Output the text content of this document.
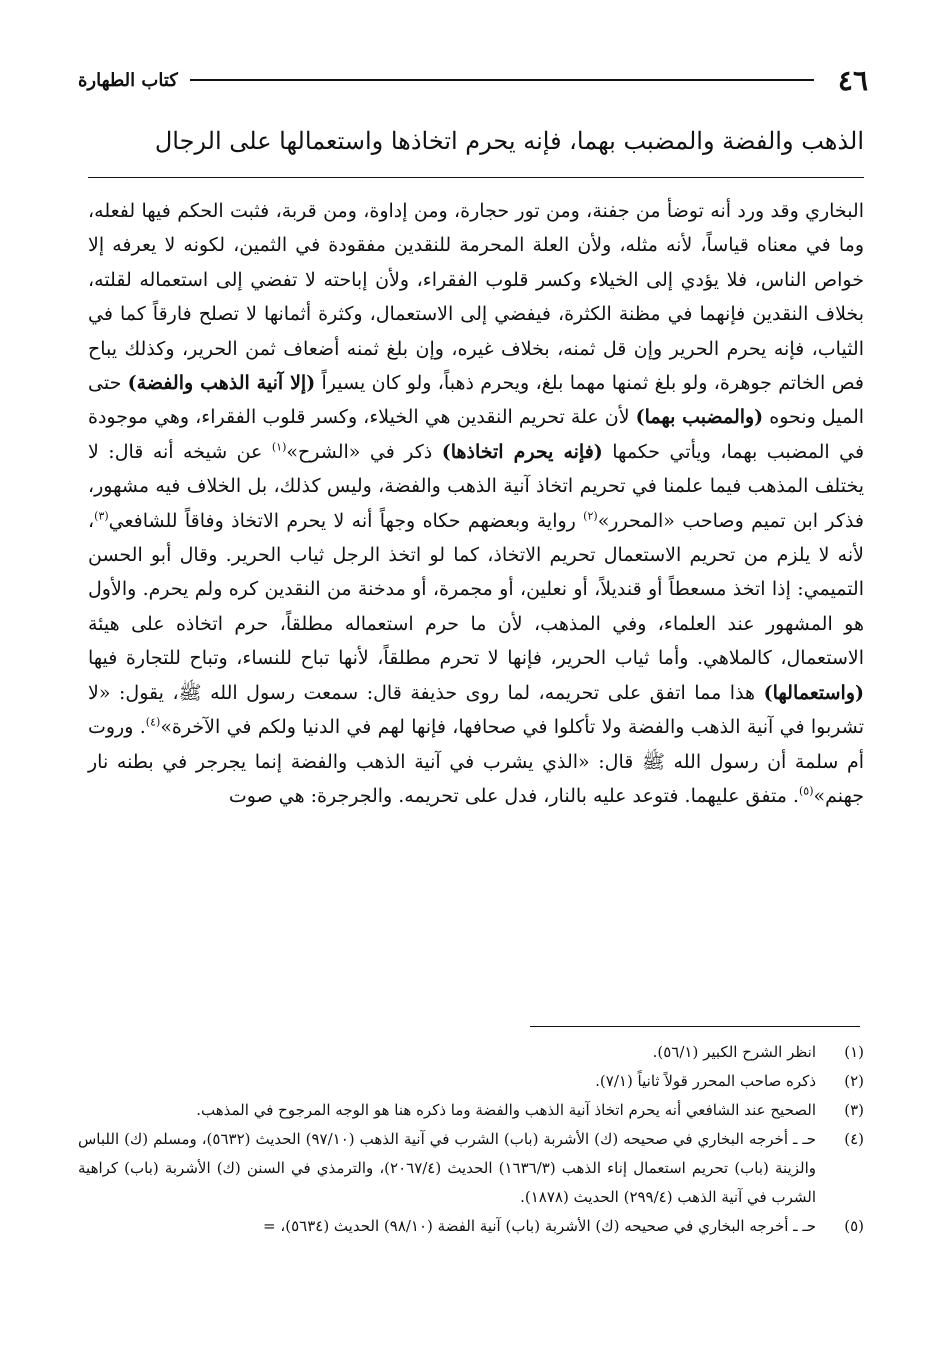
٤٦
كتاب الطهارة
الذهب والفضة والمضبب بهما، فإنه يحرم اتخاذها واستعمالها على الرجال
البخاري وقد ورد أنه توضأ من جفنة، ومن تور حجارة، ومن إداوة، ومن قربة، فثبت الحكم فيها لفعله، وما في معناه قياساً، لأنه مثله، ولأن العلة المحرمة للنقدين مفقودة في الثمين، لكونه لا يعرفه إلا خواص الناس، فلا يؤدي إلى الخيلاء وكسر قلوب الفقراء، ولأن إباحته لا تفضي إلى استعماله لقلته، بخلاف النقدين فإنهما في مظنة الكثرة، فيفضي إلى الاستعمال، وكثرة أثمانها لا تصلح فارقاً كما في الثياب، فإنه يحرم الحرير وإن قل ثمنه، بخلاف غيره، وإن بلغ ثمنه أضعاف ثمن الحرير، وكذلك يباح فص الخاتم جوهرة، ولو بلغ ثمنها مهما بلغ، ويحرم ذهباً، ولو كان يسيراً (إلا آنية الذهب والفضة) حتى الميل ونحوه (والمضبب بهما) لأن علة تحريم النقدين هي الخيلاء، وكسر قلوب الفقراء، وهي موجودة في المضبب بهما، ويأتي حكمها (فإنه يحرم اتخاذها) ذكر في «الشرح»$^{(١)}$ عن شيخه أنه قال: لا يختلف المذهب فيما علمنا في تحريم اتخاذ آنية الذهب والفضة، وليس كذلك، بل الخلاف فيه مشهور، فذكر ابن تميم وصاحب «المحرر»$^{(٢)}$ رواية وبعضهم حكاه وجهاً أنه لا يحرم الاتخاذ وفاقاً للشافعي$^{(٣)}$، لأنه لا يلزم من تحريم الاستعمال تحريم الاتخاذ، كما لو اتخذ الرجل ثياب الحرير. وقال أبو الحسن التميمي: إذا اتخذ مسعطاً أو قنديلاً، أو نعلين، أو مجمرة، أو مدخنة من النقدين كره ولم يحرم. والأول هو المشهور عند العلماء، وفي المذهب، لأن ما حرم استعماله مطلقاً، حرم اتخاذه على هيئة الاستعمال، كالملاهي. وأما ثياب الحرير، فإنها لا تحرم مطلقاً، لأنها تباح للنساء، وتباح للتجارة فيها (واستعمالها) هذا مما اتفق على تحريمه، لما روى حذيفة قال: سمعت رسول الله ﷺ، يقول: «لا تشربوا في آنية الذهب والفضة ولا تأكلوا في صحافها، فإنها لهم في الدنيا ولكم في الآخرة»$^{(٤)}$. وروت أم سلمة أن رسول الله ﷺ قال: «الذي يشرب في آنية الذهب والفضة إنما يجرجر في بطنه نار جهنم»$^{(٥)}$. متفق عليهما. فتوعد عليه بالنار، فدل على تحريمه. والجرجرة: هي صوت
(١)
انظر الشرح الكبير (٥٦/١).
(٢)
ذكره صاحب المحرر قولاً ثانياً (٧/١).
(٣)
الصحيح عند الشافعي أنه يحرم اتخاذ آنية الذهب والفضة وما ذكره هنا هو الوجه المرجوح في المذهب.
(٤)
حـ ـ أخرجه البخاري في صحيحه (ك) الأشربة (باب) الشرب في آنية الذهب (٩٧/١٠) الحديث (٥٦٣٢)، ومسلم (ك) اللباس والزينة (باب) تحريم استعمال إناء الذهب (١٦٣٦/٣) الحديث (٢٠٦٧/٤)، والترمذي في السنن (ك) الأشربة (باب) كراهية الشرب في آنية الذهب (٢٩٩/٤) الحديث (١٨٧٨).
(٥)
حـ ـ أخرجه البخاري في صحيحه (ك) الأشربة (باب) آنية الفضة (٩٨/١٠) الحديث (٥٦٣٤)، =
